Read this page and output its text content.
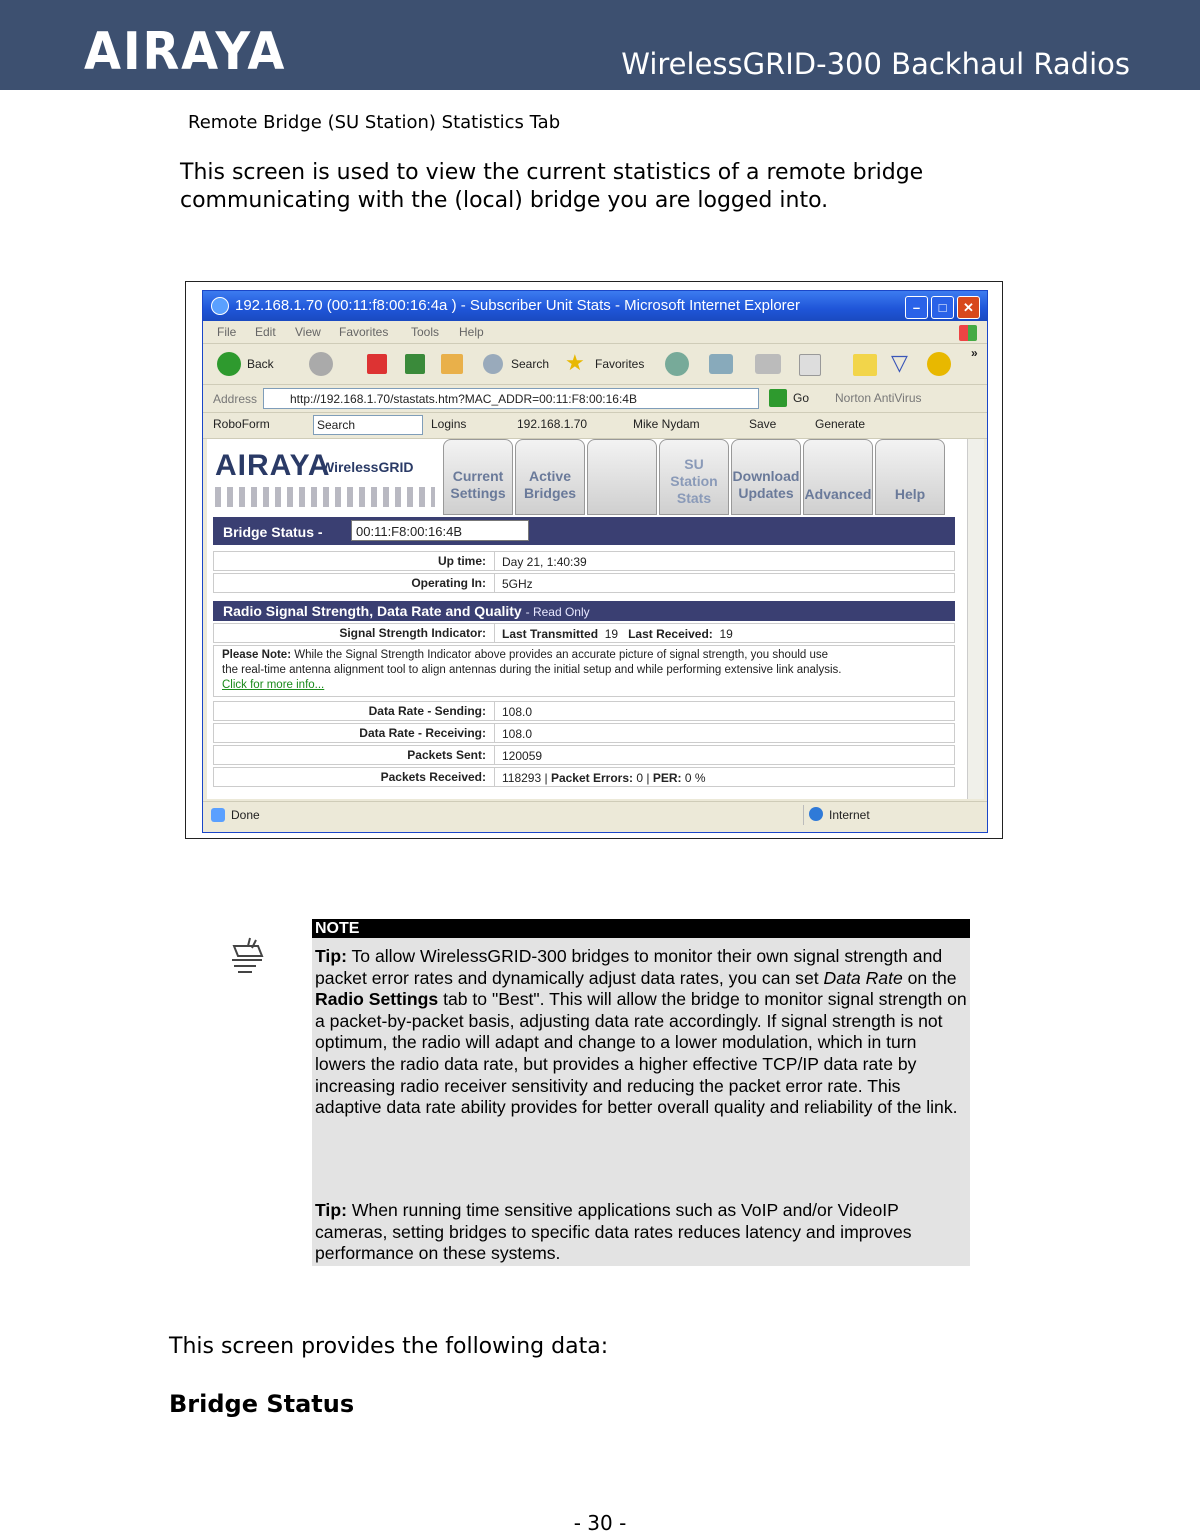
AIRAYA	WirelessGRID-300 Backhaul Radios
Remote Bridge (SU Station) Statistics Tab
This screen is used to view the current statistics of a remote bridge communicating with the (local) bridge you are logged into.
192.168.1.70 (00:11:f8:00:16:4a ) - Subscriber Unit Stats - Microsoft Internet Explorer	–	□	✕
File Edit View Favorites Tools Help
Back	Search ★ Favorites	▽	»
Address	http://192.168.1.70/stastats.htm?MAC_ADDR=00:11:F8:00:16:4B	Go Norton AntiVirus
RoboForm	Search	Logins	192.168.1.70	Mike Nydam	Save	Generate
AIRAYA
WirelessGRID
Current
Settings
Active
Bridges
SU
Station
Stats
Download
Updates Advanced	Help
Bridge Status -	00:11:F8:00:16:4B
Up time: Day 21, 1:40:39
Operating In: 5GHz
Radio Signal Strength, Data Rate and Quality - Read Only
Signal Strength Indicator: Last Transmitted 19 Last Received: 19
Please Note: While the Signal Strength Indicator above provides an accurate picture of signal strength, you should use
the real-time antenna alignment tool to align antennas during the initial setup and while performing extensive link analysis.
Click for more info...
Data Rate - Sending: 108.0
Data Rate - Receiving: 108.0
Packets Sent: 120059
Packets Received: 118293 | Packet Errors: 0 | PER: 0 %
Done	Internet
NOTE

Tip: To allow WirelessGRID-300 bridges to monitor their own signal strength and packet error rates and dynamically adjust data rates, you can set Data Rate on the Radio Settings tab to "Best". This will allow the bridge to monitor signal strength on a packet-by-packet basis, adjusting data rate accordingly. If signal strength is not optimum, the radio will adapt and change to a lower modulation, which in turn lowers the radio data rate, but provides a higher effective TCP/IP data rate by increasing radio receiver sensitivity and reducing the packet error rate. This adaptive data rate ability provides for better overall quality and reliability of the link.

Tip: When running time sensitive applications such as VoIP and/or VideoIP cameras, setting bridges to specific data rates reduces latency and improves performance on these systems.

This screen provides the following data:
Bridge Status
- 30 -
